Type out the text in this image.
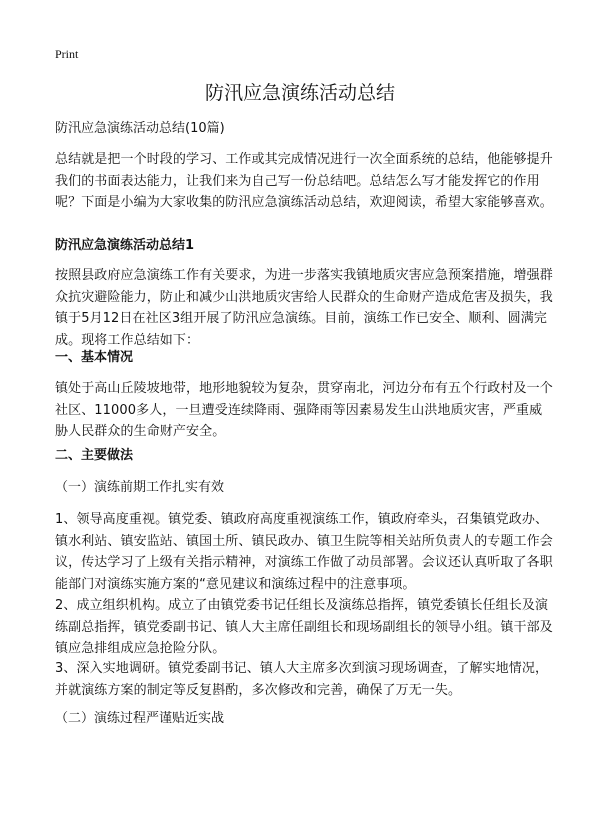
Print
防汛应急演练活动总结
防汛应急演练活动总结(10篇)
总结就是把一个时段的学习、工作或其完成情况进行一次全面系统的总结，他能够提升我们的书面表达能力，让我们来为自己写一份总结吧。总结怎么写才能发挥它的作用呢？下面是小编为大家收集的防汛应急演练活动总结，欢迎阅读，希望大家能够喜欢。
防汛应急演练活动总结1
按照县政府应急演练工作有关要求，为进一步落实我镇地质灾害应急预案措施，增强群众抗灾避险能力，防止和减少山洪地质灾害给人民群众的生命财产造成危害及损失，我镇于5月12日在社区3组开展了防汛应急演练。目前，演练工作已安全、顺利、圆满完成。现将工作总结如下：
一、基本情况
镇处于高山丘陵坡地带，地形地貌较为复杂，贯穿南北，河边分布有五个行政村及一个社区、11000多人，一旦遭受连续降雨、强降雨等因素易发生山洪地质灾害，严重威胁人民群众的生命财产安全。
二、主要做法
（一）演练前期工作扎实有效
1、领导高度重视。镇党委、镇政府高度重视演练工作，镇政府牵头，召集镇党政办、镇水利站、镇安监站、镇国土所、镇民政办、镇卫生院等相关站所负责人的专题工作会议，传达学习了上级有关指示精神，对演练工作做了动员部署。会议还认真听取了各职能部门对演练实施方案的“意见建议和演练过程中的注意事项。
2、成立组织机构。成立了由镇党委书记任组长及演练总指挥，镇党委镇长任组长及演练副总指挥，镇党委副书记、镇人大主席任副组长和现场副组长的领导小组。镇干部及镇应急排组成应急抢险分队。
3、深入实地调研。镇党委副书记、镇人大主席多次到演习现场调查，了解实地情况，并就演练方案的制定等反复斟酌，多次修改和完善，确保了万无一失。
（二）演练过程严谨贴近实战
